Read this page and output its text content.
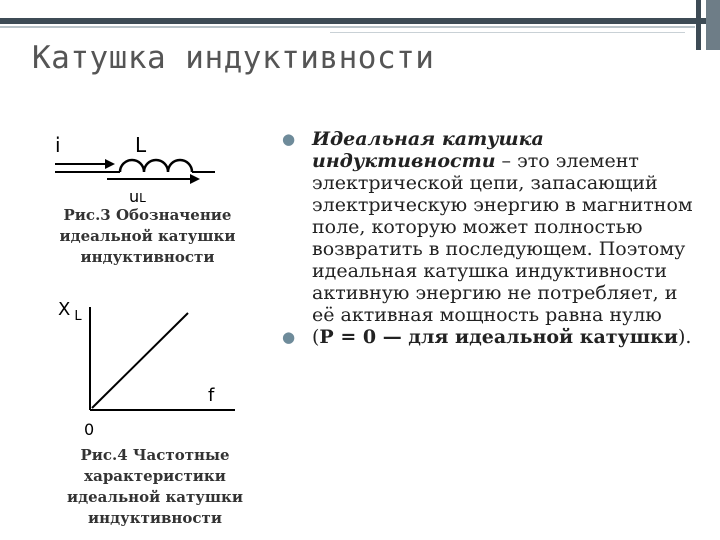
Катушка индуктивности
i	L
uL
Рис.3 Обозначение идеальной катушки индуктивности
X $_L$
f
0
Рис.4 Частотные характеристики идеальной катушки индуктивности
● Идеальная катушка индуктивности – это элемент электрической цепи, запасающий электрическую энергию в магнитном поле, которую может полностью возвратить в последующем. Поэтому идеальная катушка индуктивности активную энергию не потребляет, и её активная мощность равна нулю
● (P = 0 — для идеальной катушки).
